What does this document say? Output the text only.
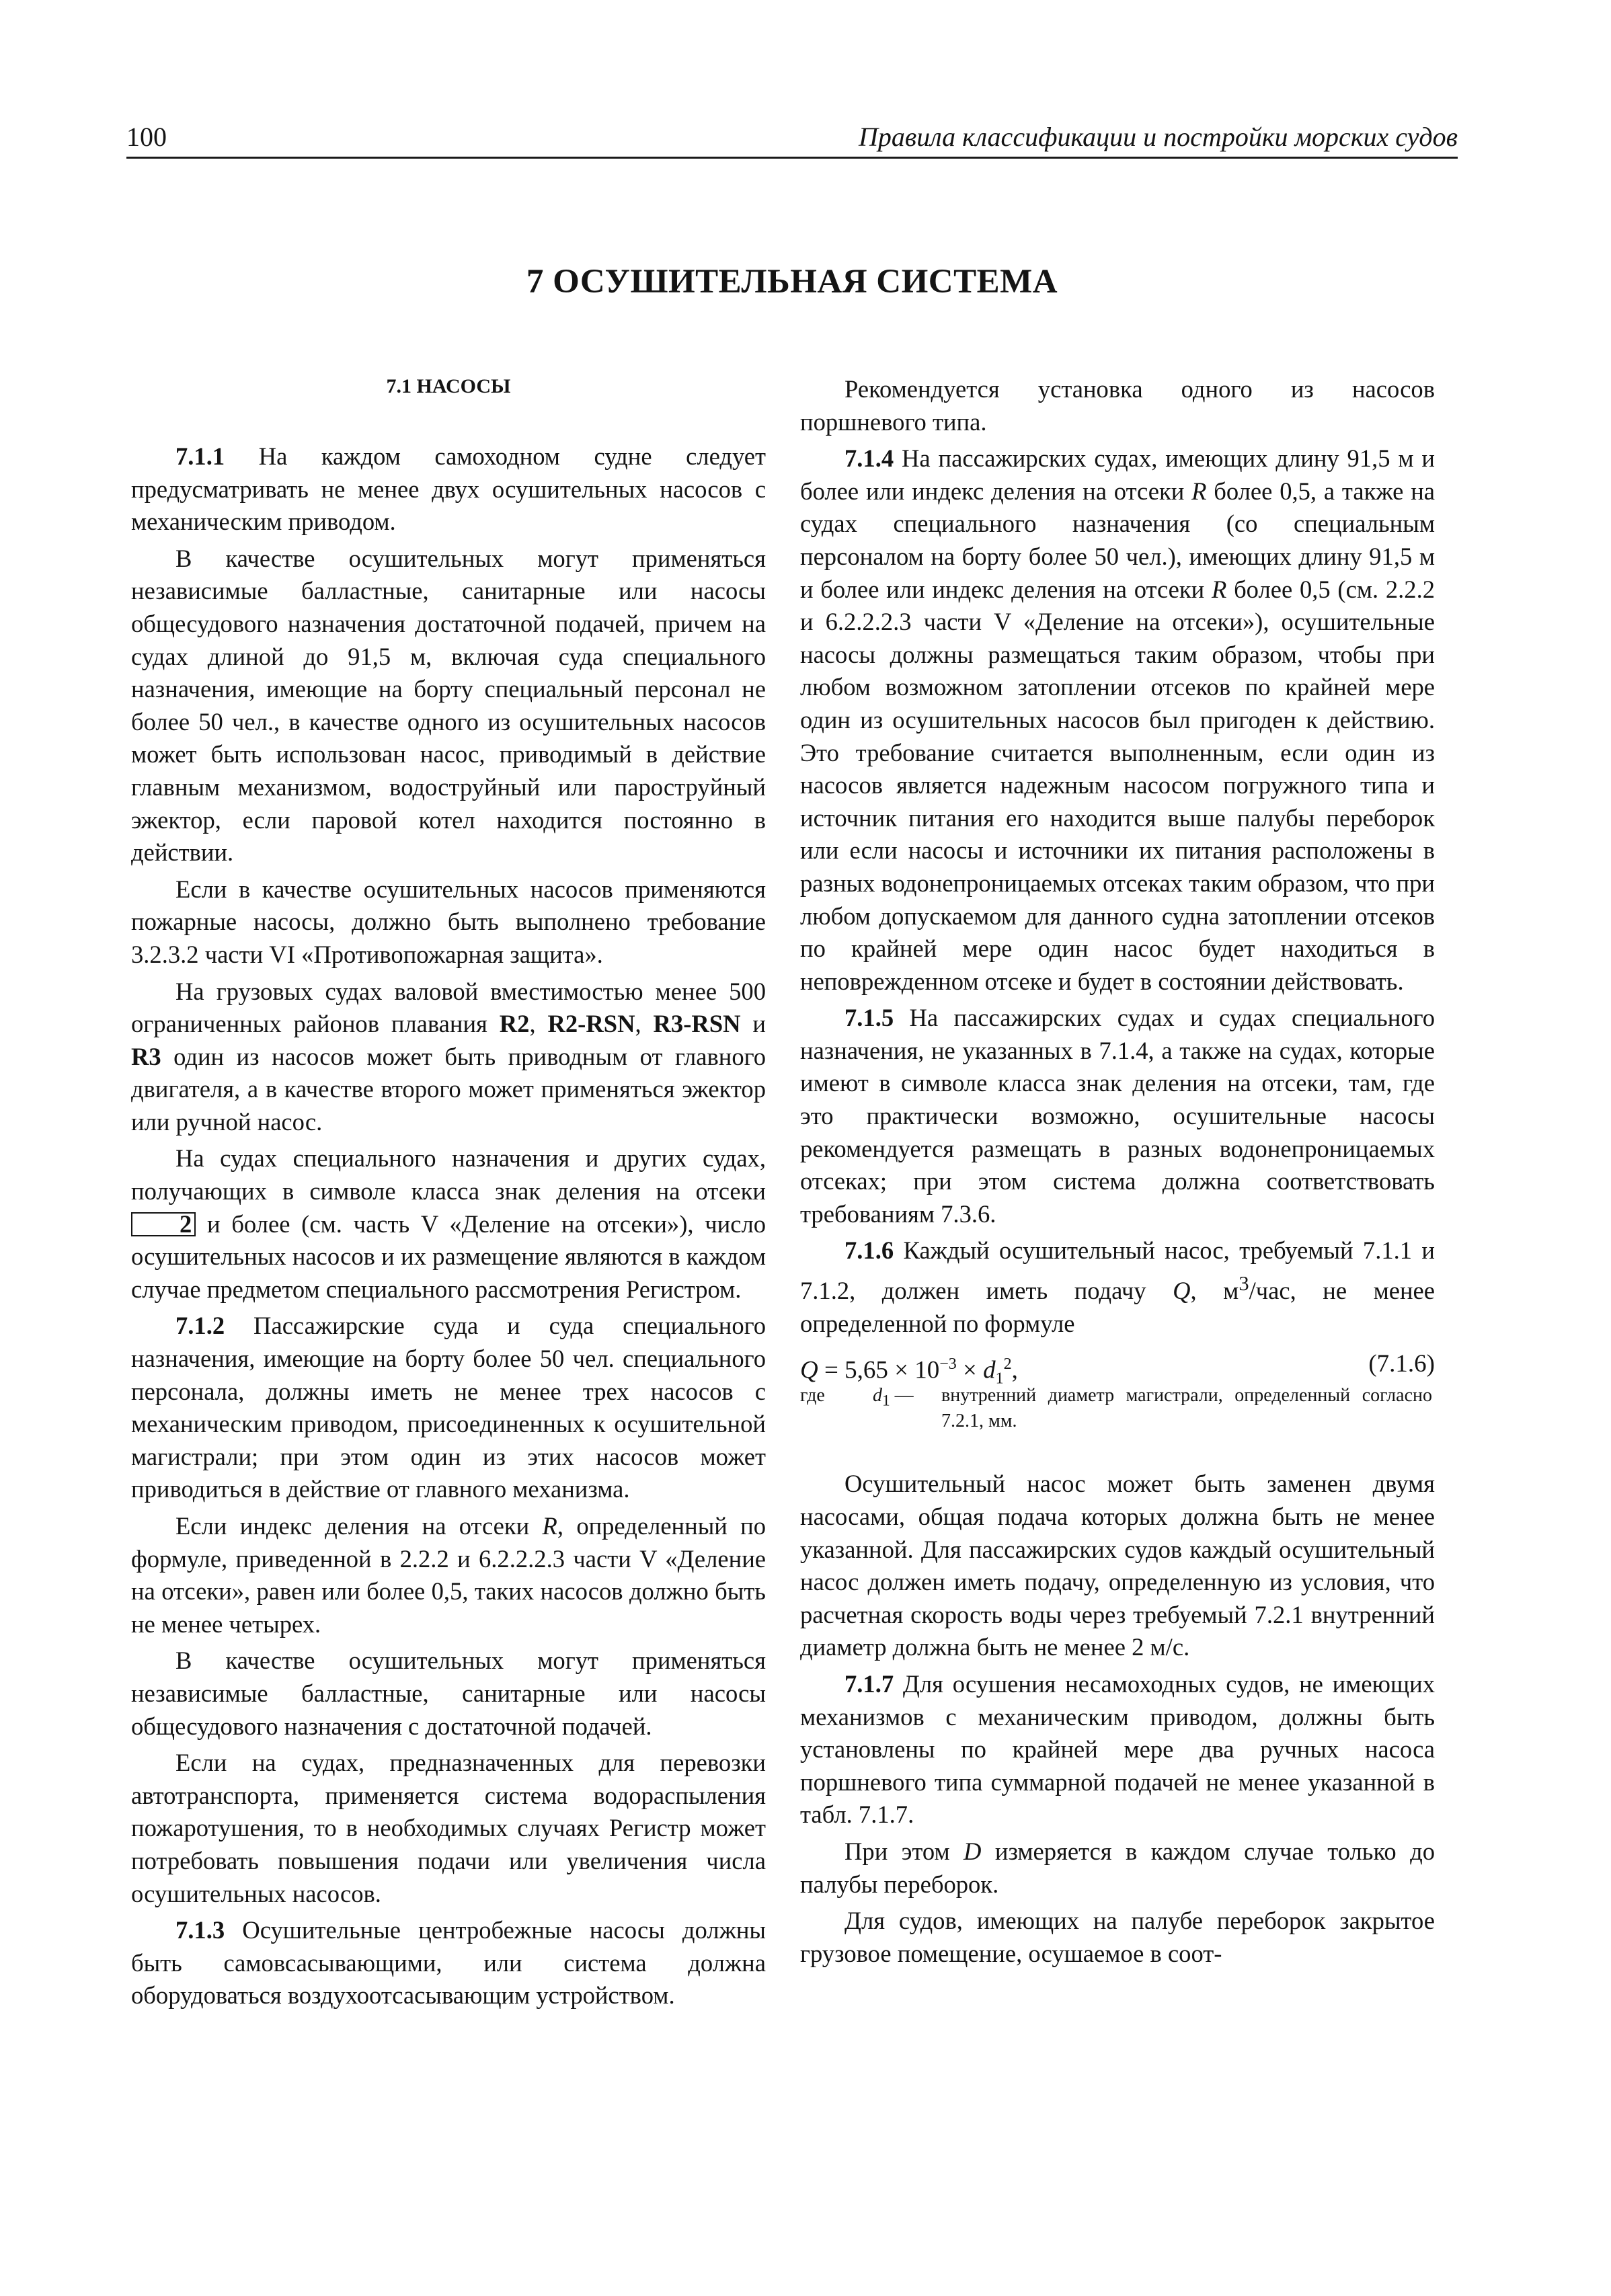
100	Правила классификации и постройки морских судов
7 ОСУШИТЕЛЬНАЯ СИСТЕМА
7.1 НАСОСЫ

7.1.1 На каждом самоходном судне следует предусматривать не менее двух осушительных насосов с механическим приводом.

В качестве осушительных могут применяться независимые балластные, санитарные или насосы общесудового назначения достаточной подачей, причем на судах длиной до 91,5 м, включая суда специального назначения, имеющие на борту специальный персонал не более 50 чел., в качестве одного из осушительных насосов может быть использован насос, приводимый в действие главным механизмом, водоструйный или пароструйный эжектор, если паровой котел находится постоянно в действии.

Если в качестве осушительных насосов применяются пожарные насосы, должно быть выполнено требование 3.2.3.2 части VI «Противопожарная защита».

На грузовых судах валовой вместимостью менее 500 ограниченных районов плавания R2, R2-RSN, R3-RSN и R3 один из насосов может быть приводным от главного двигателя, а в качестве второго может применяться эжектор или ручной насос.

На судах специального назначения и других судах, получающих в символе класса знак деления на отсеки 2 и более (см. часть V «Деление на отсеки»), число осушительных насосов и их размещение являются в каждом случае предметом специального рассмотрения Регистром.

7.1.2 Пассажирские суда и суда специального назначения, имеющие на борту более 50 чел. специального персонала, должны иметь не менее трех насосов с механическим приводом, присоединенных к осушительной магистрали; при этом один из этих насосов может приводиться в действие от главного механизма.

Если индекс деления на отсеки R, определенный по формуле, приведенной в 2.2.2 и 6.2.2.2.3 части V «Деление на отсеки», равен или более 0,5, таких насосов должно быть не менее четырех.

В качестве осушительных могут применяться независимые балластные, санитарные или насосы общесудового назначения с достаточной подачей.

Если на судах, предназначенных для перевозки автотранспорта, применяется система водораспыления пожаротушения, то в необходимых случаях Регистр может потребовать повышения подачи или увеличения числа осушительных насосов.

7.1.3 Осушительные центробежные насосы должны быть самовсасывающими, или система должна оборудоваться воздухоотсасывающим устройством.

Рекомендуется установка одного из насосов поршневого типа.

7.1.4 На пассажирских судах, имеющих длину 91,5 м и более или индекс деления на отсеки R более 0,5, а также на судах специального назначения (со специальным персоналом на борту более 50 чел.), имеющих длину 91,5 м и более или индекс деления на отсеки R более 0,5 (см. 2.2.2 и 6.2.2.2.3 части V «Деление на отсеки»), осушительные насосы должны размещаться таким образом, чтобы при любом возможном затоплении отсеков по крайней мере один из осушительных насосов был пригоден к действию. Это требование считается выполненным, если один из насосов является надежным насосом погружного типа и источник питания его находится выше палубы переборок или если насосы и источники их питания расположены в разных водонепроницаемых отсеках таким образом, что при любом допускаемом для данного судна затоплении отсеков по крайней мере один насос будет находиться в неповрежденном отсеке и будет в состоянии действовать.

7.1.5 На пассажирских судах и судах специального назначения, не указанных в 7.1.4, а также на судах, которые имеют в символе класса знак деления на отсеки, там, где это практически возможно, осушительные насосы рекомендуется размещать в разных водонепроницаемых отсеках; при этом система должна соответствовать требованиям 7.3.6.

7.1.6 Каждый осушительный насос, требуемый 7.1.1 и 7.1.2, должен иметь подачу Q, $м^3$/час, не менее определенной по формуле

$Q = 5,65 \times 10^{-3} \times d_1^2$,	(7.1.6)
где	$d_1$ —	внутренний диаметр магистрали, определенный согласно 7.2.1, мм.

Осушительный насос может быть заменен двумя насосами, общая подача которых должна быть не менее указанной. Для пассажирских судов каждый осушительный насос должен иметь подачу, определенную из условия, что расчетная скорость воды через требуемый 7.2.1 внутренний диаметр должна быть не менее 2 м/с.

7.1.7 Для осушения несамоходных судов, не имеющих механизмов с механическим приводом, должны быть установлены по крайней мере два ручных насоса поршневого типа суммарной подачей не менее указанной в табл. 7.1.7.

При этом D измеряется в каждом случае только до палубы переборок.

Для судов, имеющих на палубе переборок закрытое грузовое помещение, осушаемое в соот-
